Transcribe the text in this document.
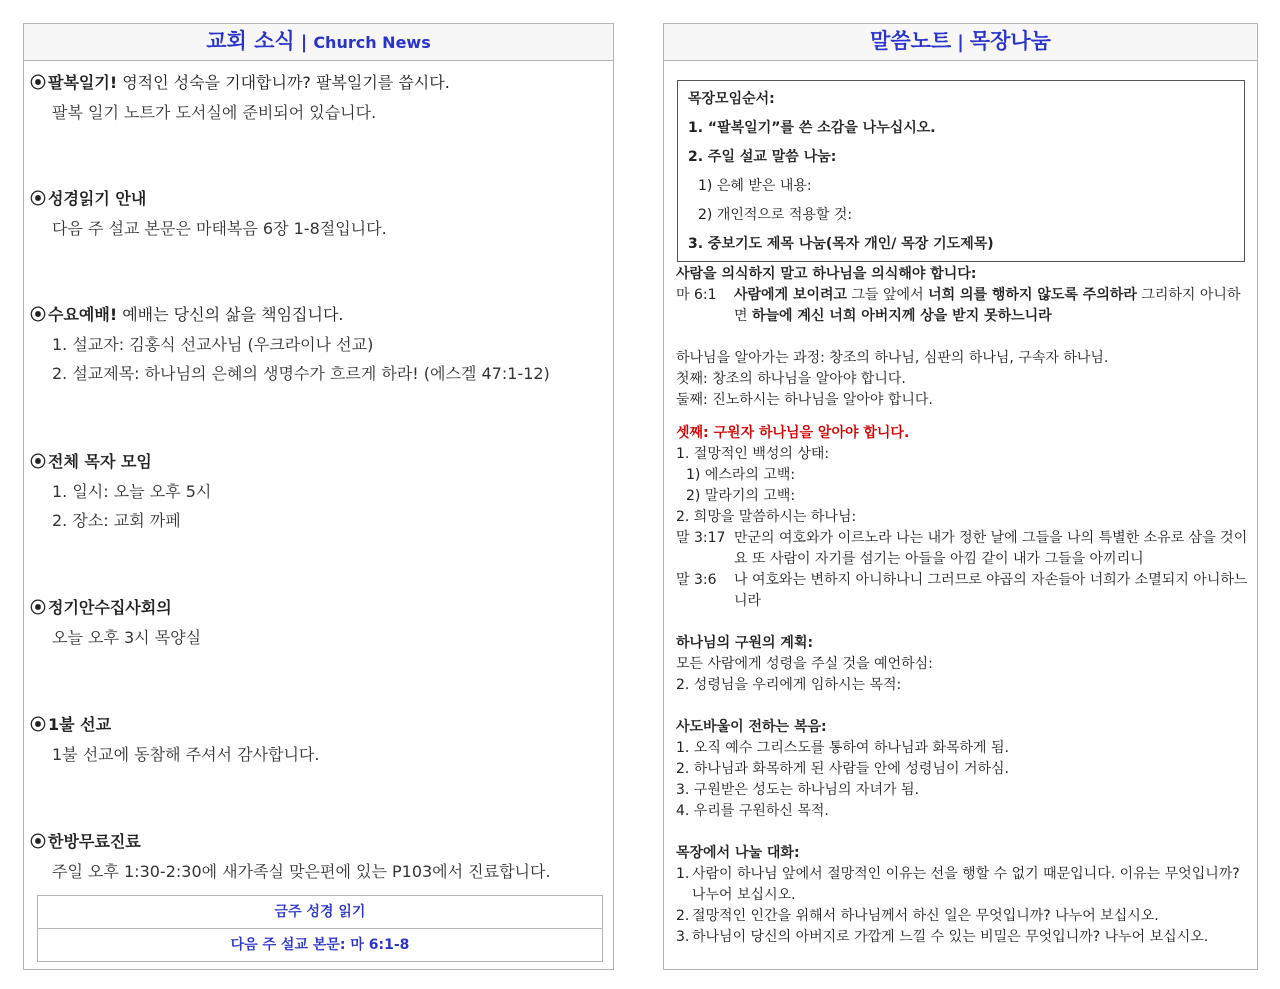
교회 소식 | Church News
⦿ 팔복일기! 영적인 성숙을 기대합니까? 팔복일기를 씁시다.
팔복 일기 노트가 도서실에 준비되어 있습니다.
⦿ 성경읽기 안내
다음 주 설교 본문은 마태복음 6장 1-8절입니다.
⦿ 수요예배! 예배는 당신의 삶을 책임집니다.
1. 설교자: 김홍식 선교사님 (우크라이나 선교)
2. 설교제목: 하나님의 은혜의 생명수가 흐르게 하라! (에스겔 47:1-12)
⦿ 전체 목자 모임
1. 일시: 오늘 오후 5시
2. 장소: 교회 까페
⦿ 정기안수집사회의
오늘 오후 3시 목양실
⦿ 1불 선교
1불 선교에 동참해 주셔서 감사합니다.
⦿ 한방무료진료
주일 오후 1:30-2:30에 새가족실 맞은편에 있는 P103에서 진료합니다.
금주 성경 읽기
다음 주 설교 본문: 마 6:1-8
말씀노트 | 목장나눔
목장모임순서:
1. “팔복일기”를 쓴 소감을 나누십시오.
2. 주일 설교 말씀 나눔:
1) 은혜 받은 내용:
2) 개인적으로 적용할 것:
3. 중보기도 제목 나눔(목자 개인/ 목장 기도제목)
사람을 의식하지 말고 하나님을 의식해야 합니다:
마 6:1	사람에게 보이려고 그들 앞에서 너희 의를 행하지 않도록 주의하라 그리하지 아니하면 하늘에 계신 너희 아버지께 상을 받지 못하느니라
하나님을 알아가는 과정: 창조의 하나님, 심판의 하나님, 구속자 하나님.
첫째: 창조의 하나님을 알아야 합니다.
둘째: 진노하시는 하나님을 알아야 합니다.
셋째: 구원자 하나님을 알아야 합니다.
1. 절망적인 백성의 상태:
1) 에스라의 고백:
2) 말라기의 고백:
2. 희망을 말씀하시는 하나님:
말 3:17 만군의 여호와가 이르노라 나는 내가 정한 날에 그들을 나의 특별한 소유로 삼을 것이요 또 사람이 자기를 섬기는 아들을 아낌 같이 내가 그들을 아끼리니
말 3:6	나 여호와는 변하지 아니하나니 그러므로 야곱의 자손들아 너희가 소멸되지 아니하느니라
하나님의 구원의 계획:
모든 사람에게 성령을 주실 것을 예언하심:
2. 성령님을 우리에게 임하시는 목적:
사도바울이 전하는 복음:
1. 오직 예수 그리스도를 통하여 하나님과 화목하게 됨.
2. 하나님과 화목하게 된 사람들 안에 성령님이 거하심.
3. 구원받은 성도는 하나님의 자녀가 됨.
4. 우리를 구원하신 목적.
목장에서 나눌 대화:
1. 사람이 하나님 앞에서 절망적인 이유는 선을 행할 수 없기 때문입니다. 이유는 무엇입니까? 나누어 보십시오.
2. 절망적인 인간을 위해서 하나님께서 하신 일은 무엇입니까? 나누어 보십시오.
3. 하나님이 당신의 아버지로 가깝게 느낄 수 있는 비밀은 무엇입니까? 나누어 보십시오.
